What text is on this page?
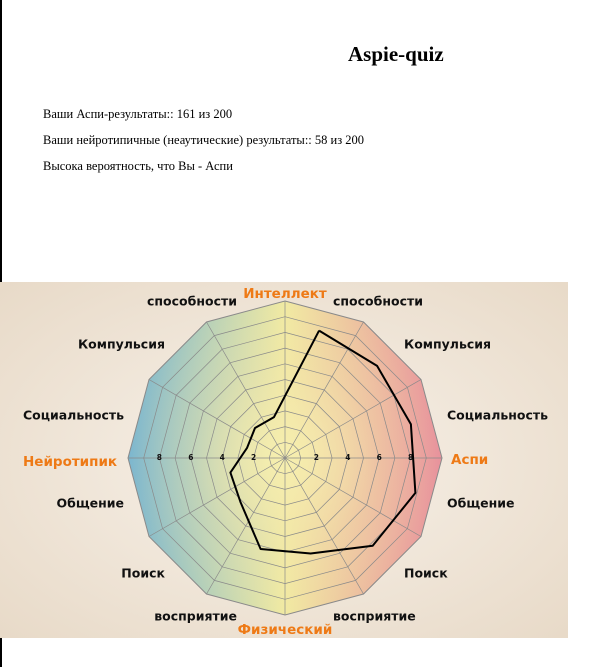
Aspie-quiz
Ваши Аспи-результаты:: 161 из 200
Ваши нейротипичные (неаутические) результаты:: 58 из 200
Высока вероятность, что Вы - Аспи
2	4	6	8
2
4
6
8
Интеллект
Физический
Нейротипик	Аспи
способности
Компульсия
Социальность
Общение
Поиск
восприятие
восприятие
Поиск
Общение
Социальность
Компульсия
способности
